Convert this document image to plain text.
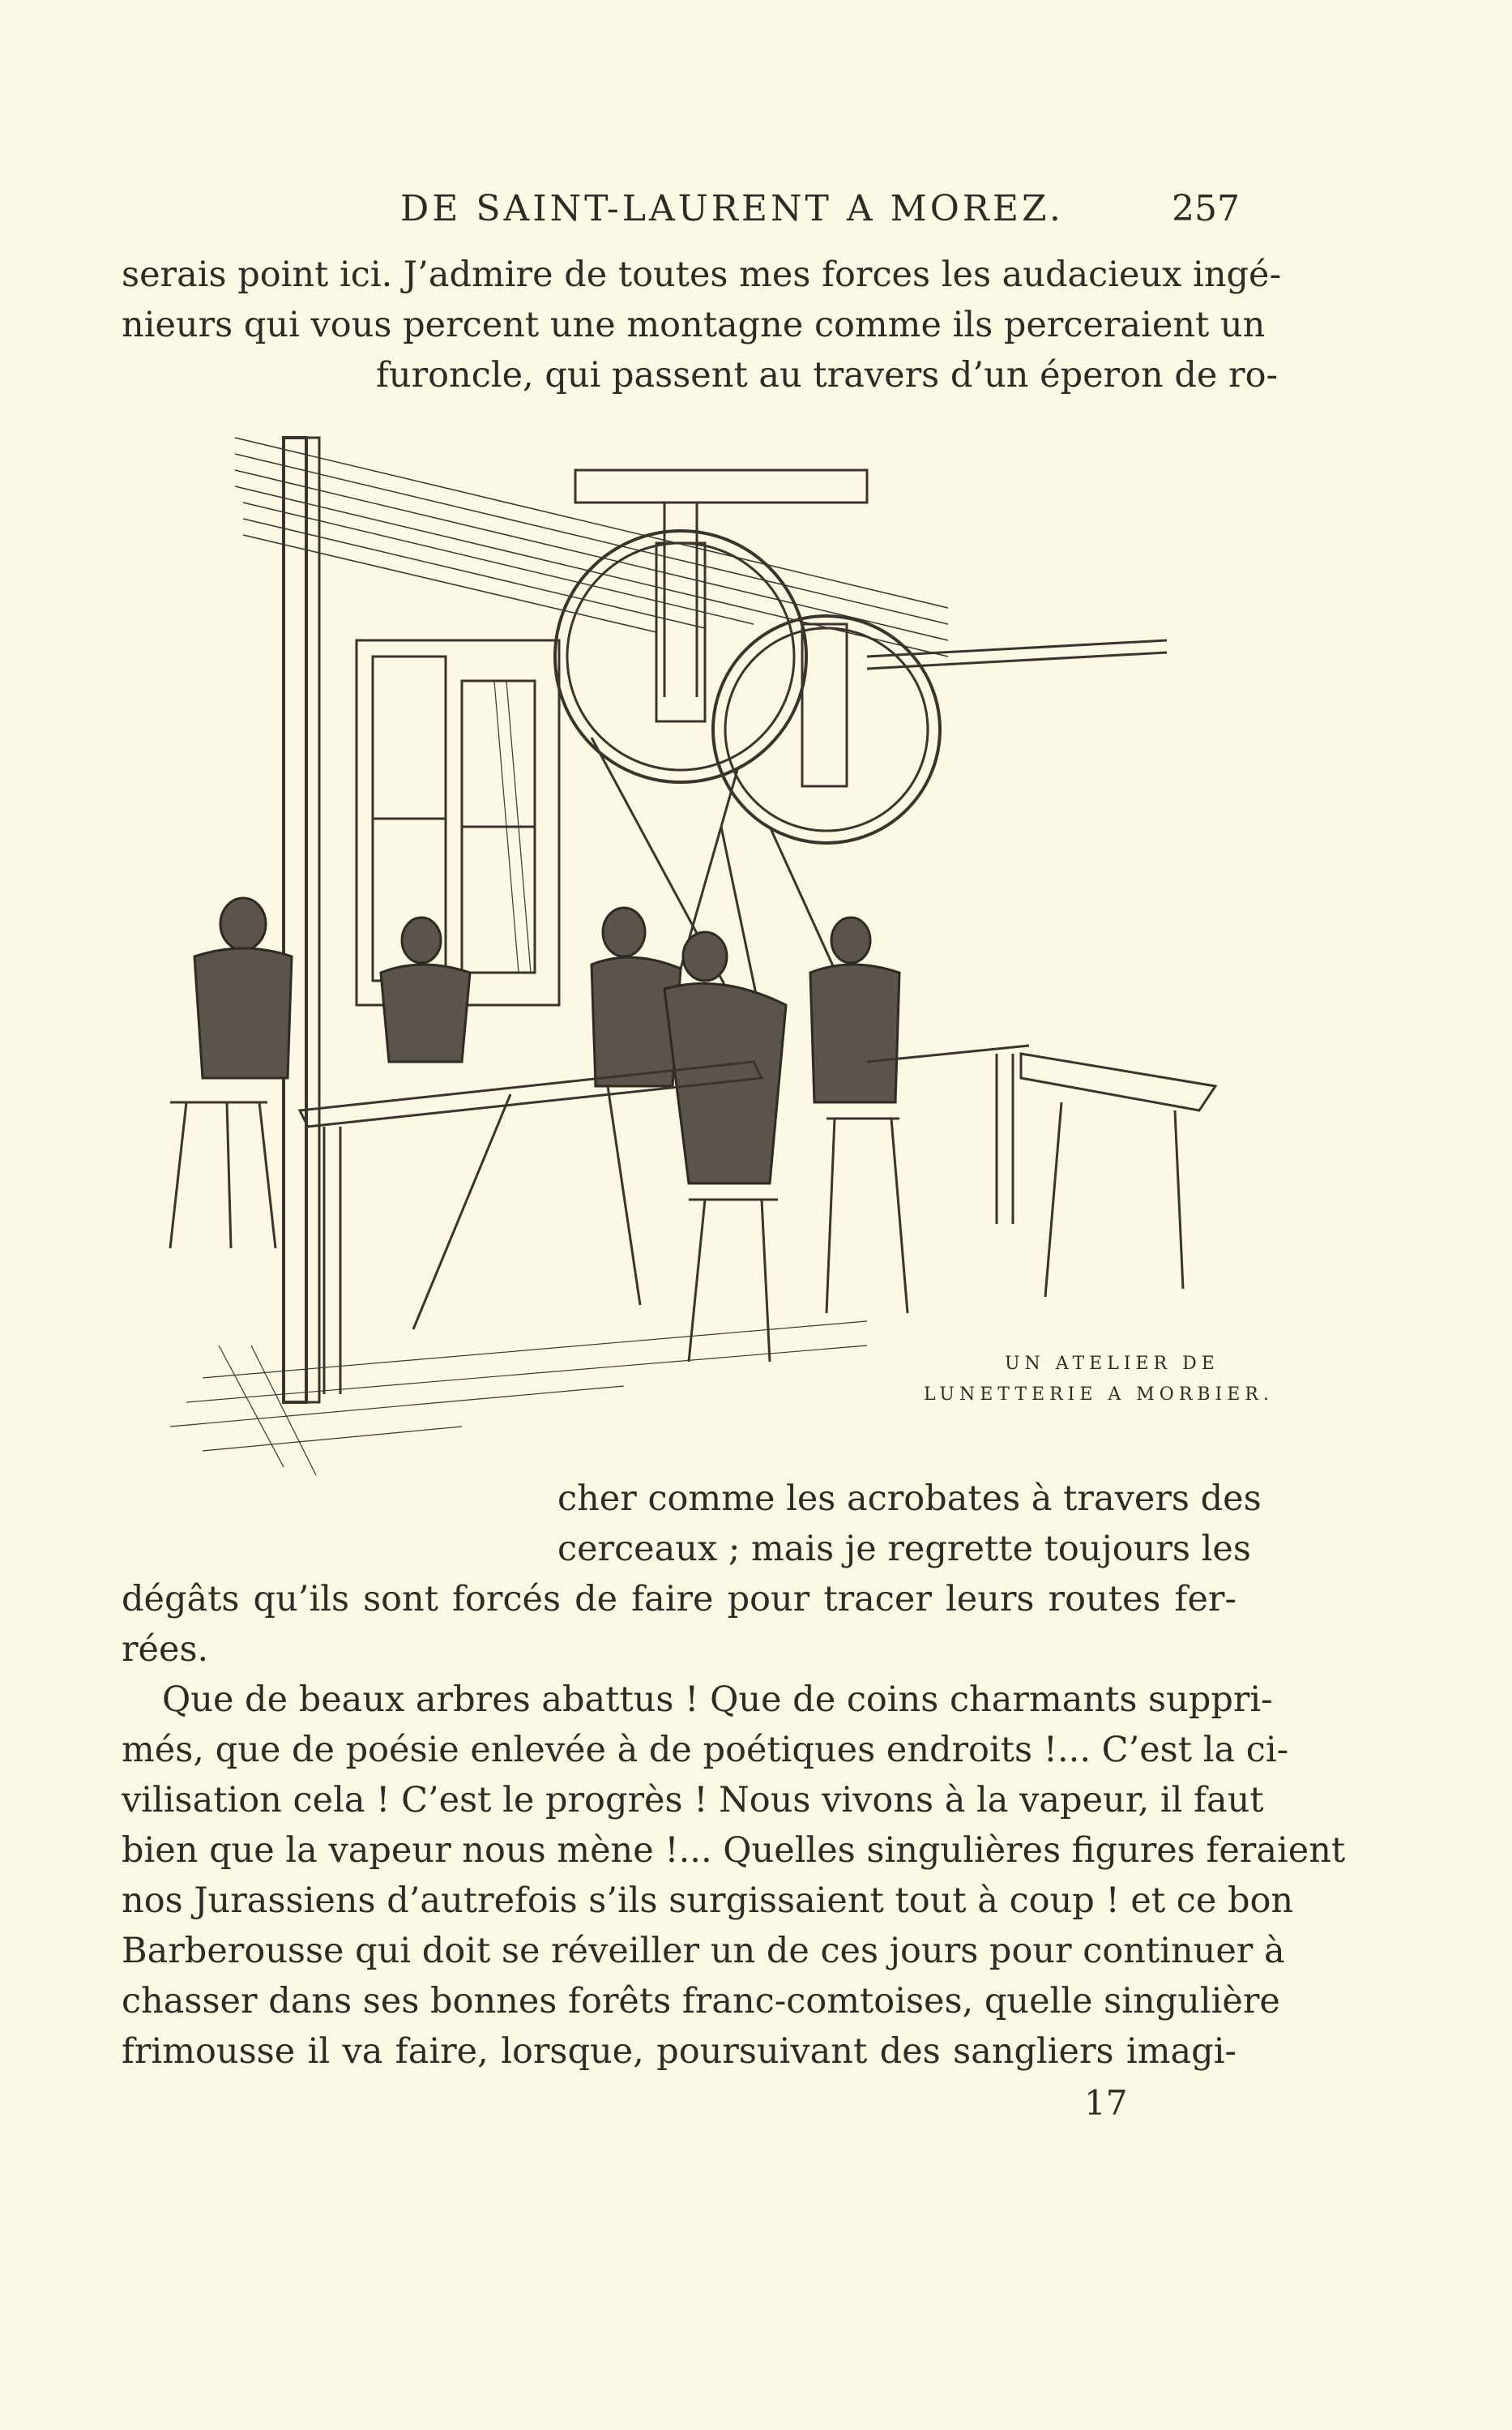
DE SAINT-LAURENT A MOREZ.	257
serais point ici. J’admire de toutes mes forces les audacieux ingé-
nieurs qui vous percent une montagne comme ils perceraient un
furoncle, qui passent au travers d’un éperon de ro-
UN ATELIER DE
LUNETTERIE A MORBIER.
cher comme les acrobates à travers des
cerceaux ; mais je regrette toujours les
dégâts qu’ils sont forcés de faire pour tracer leurs routes fer-
rées.
Que de beaux arbres abattus ! Que de coins charmants suppri-
més, que de poésie enlevée à de poétiques endroits !... C’est la ci-
vilisation cela ! C’est le progrès ! Nous vivons à la vapeur, il faut
bien que la vapeur nous mène !... Quelles singulières figures feraient
nos Jurassiens d’autrefois s’ils surgissaient tout à coup ! et ce bon
Barberousse qui doit se réveiller un de ces jours pour continuer à
chasser dans ses bonnes forêts franc-comtoises, quelle singulière
frimousse il va faire, lorsque, poursuivant des sangliers imagi-
17
